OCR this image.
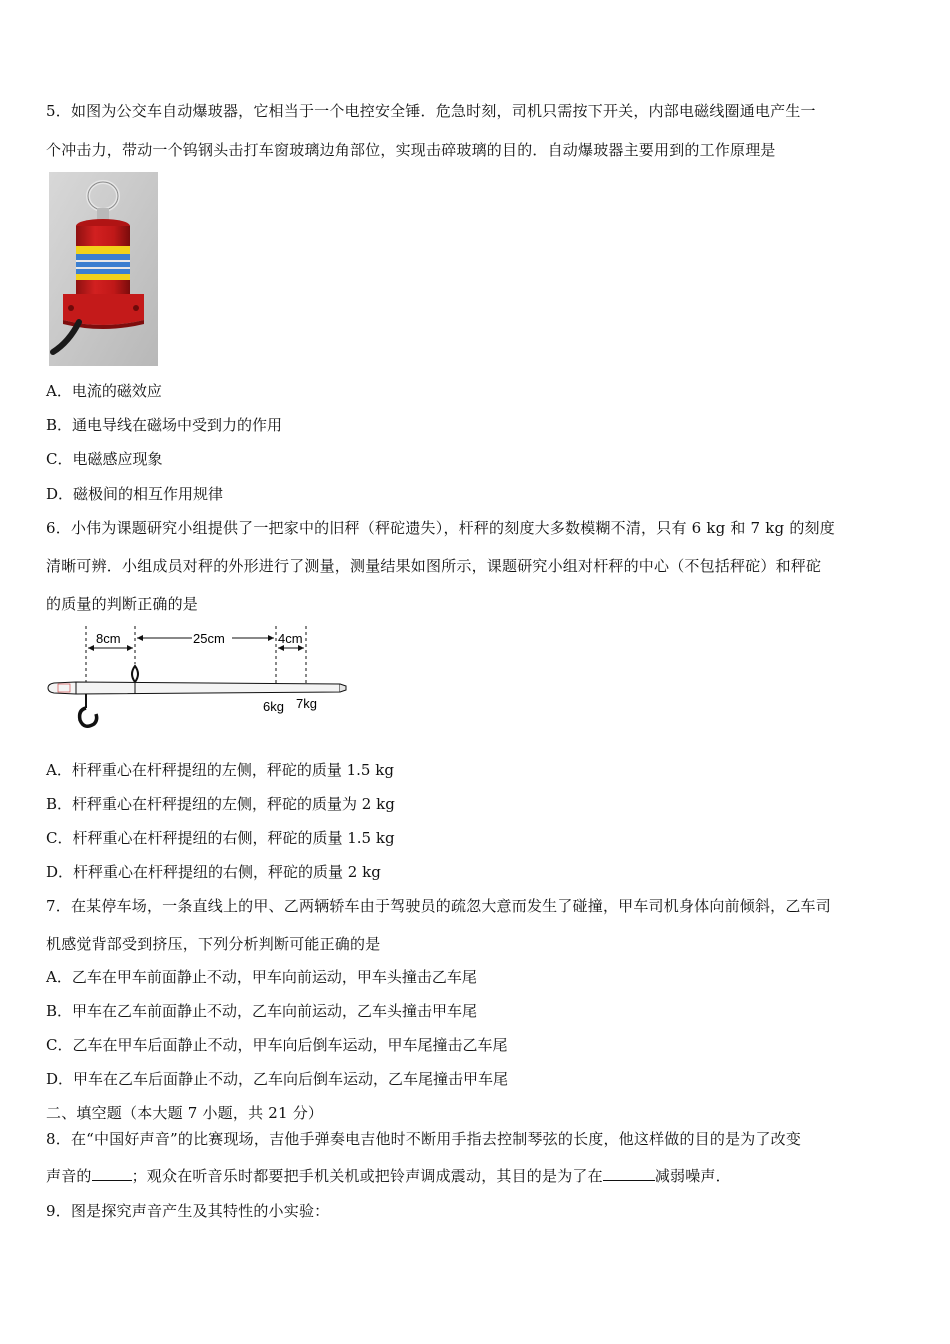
5．如图为公交车自动爆玻器，它相当于一个电控安全锤．危急时刻，司机只需按下开关，内部电磁线圈通电产生一
个冲击力，带动一个钨钢头击打车窗玻璃边角部位，实现击碎玻璃的目的．自动爆玻器主要用到的工作原理是
A．电流的磁效应
B．通电导线在磁场中受到力的作用
C．电磁感应现象
D．磁极间的相互作用规律
6．小伟为课题研究小组提供了一把家中的旧秤（秤砣遗失），杆秤的刻度大多数模糊不清，只有 6 kg 和 7 kg 的刻度
清晰可辨．小组成员对秤的外形进行了测量，测量结果如图所示，课题研究小组对杆秤的中心（不包括秤砣）和秤砣
的质量的判断正确的是
8cm	25cm	4cm
6kg 7kg
A．杆秤重心在杆秤提纽的左侧，秤砣的质量 1.5 kg
B．杆秤重心在杆秤提纽的左侧，秤砣的质量为 2 kg
C．杆秤重心在杆秤提纽的右侧，秤砣的质量 1.5 kg
D．杆秤重心在杆秤提纽的右侧，秤砣的质量 2 kg
7．在某停车场，一条直线上的甲、乙两辆轿车由于驾驶员的疏忽大意而发生了碰撞，甲车司机身体向前倾斜，乙车司
机感觉背部受到挤压，下列分析判断可能正确的是
A．乙车在甲车前面静止不动，甲车向前运动，甲车头撞击乙车尾
B．甲车在乙车前面静止不动，乙车向前运动，乙车头撞击甲车尾
C．乙车在甲车后面静止不动，甲车向后倒车运动，甲车尾撞击乙车尾
D．甲车在乙车后面静止不动，乙车向后倒车运动，乙车尾撞击甲车尾
二、填空题（本大题 7 小题，共 21 分）
8．在“中国好声音”的比赛现场，吉他手弹奏电吉他时不断用手指去控制琴弦的长度，他这样做的目的是为了改变
声音的	；观众在听音乐时都要把手机关机或把铃声调成震动，其目的是为了在	减弱噪声．
9．图是探究声音产生及其特性的小实验：
